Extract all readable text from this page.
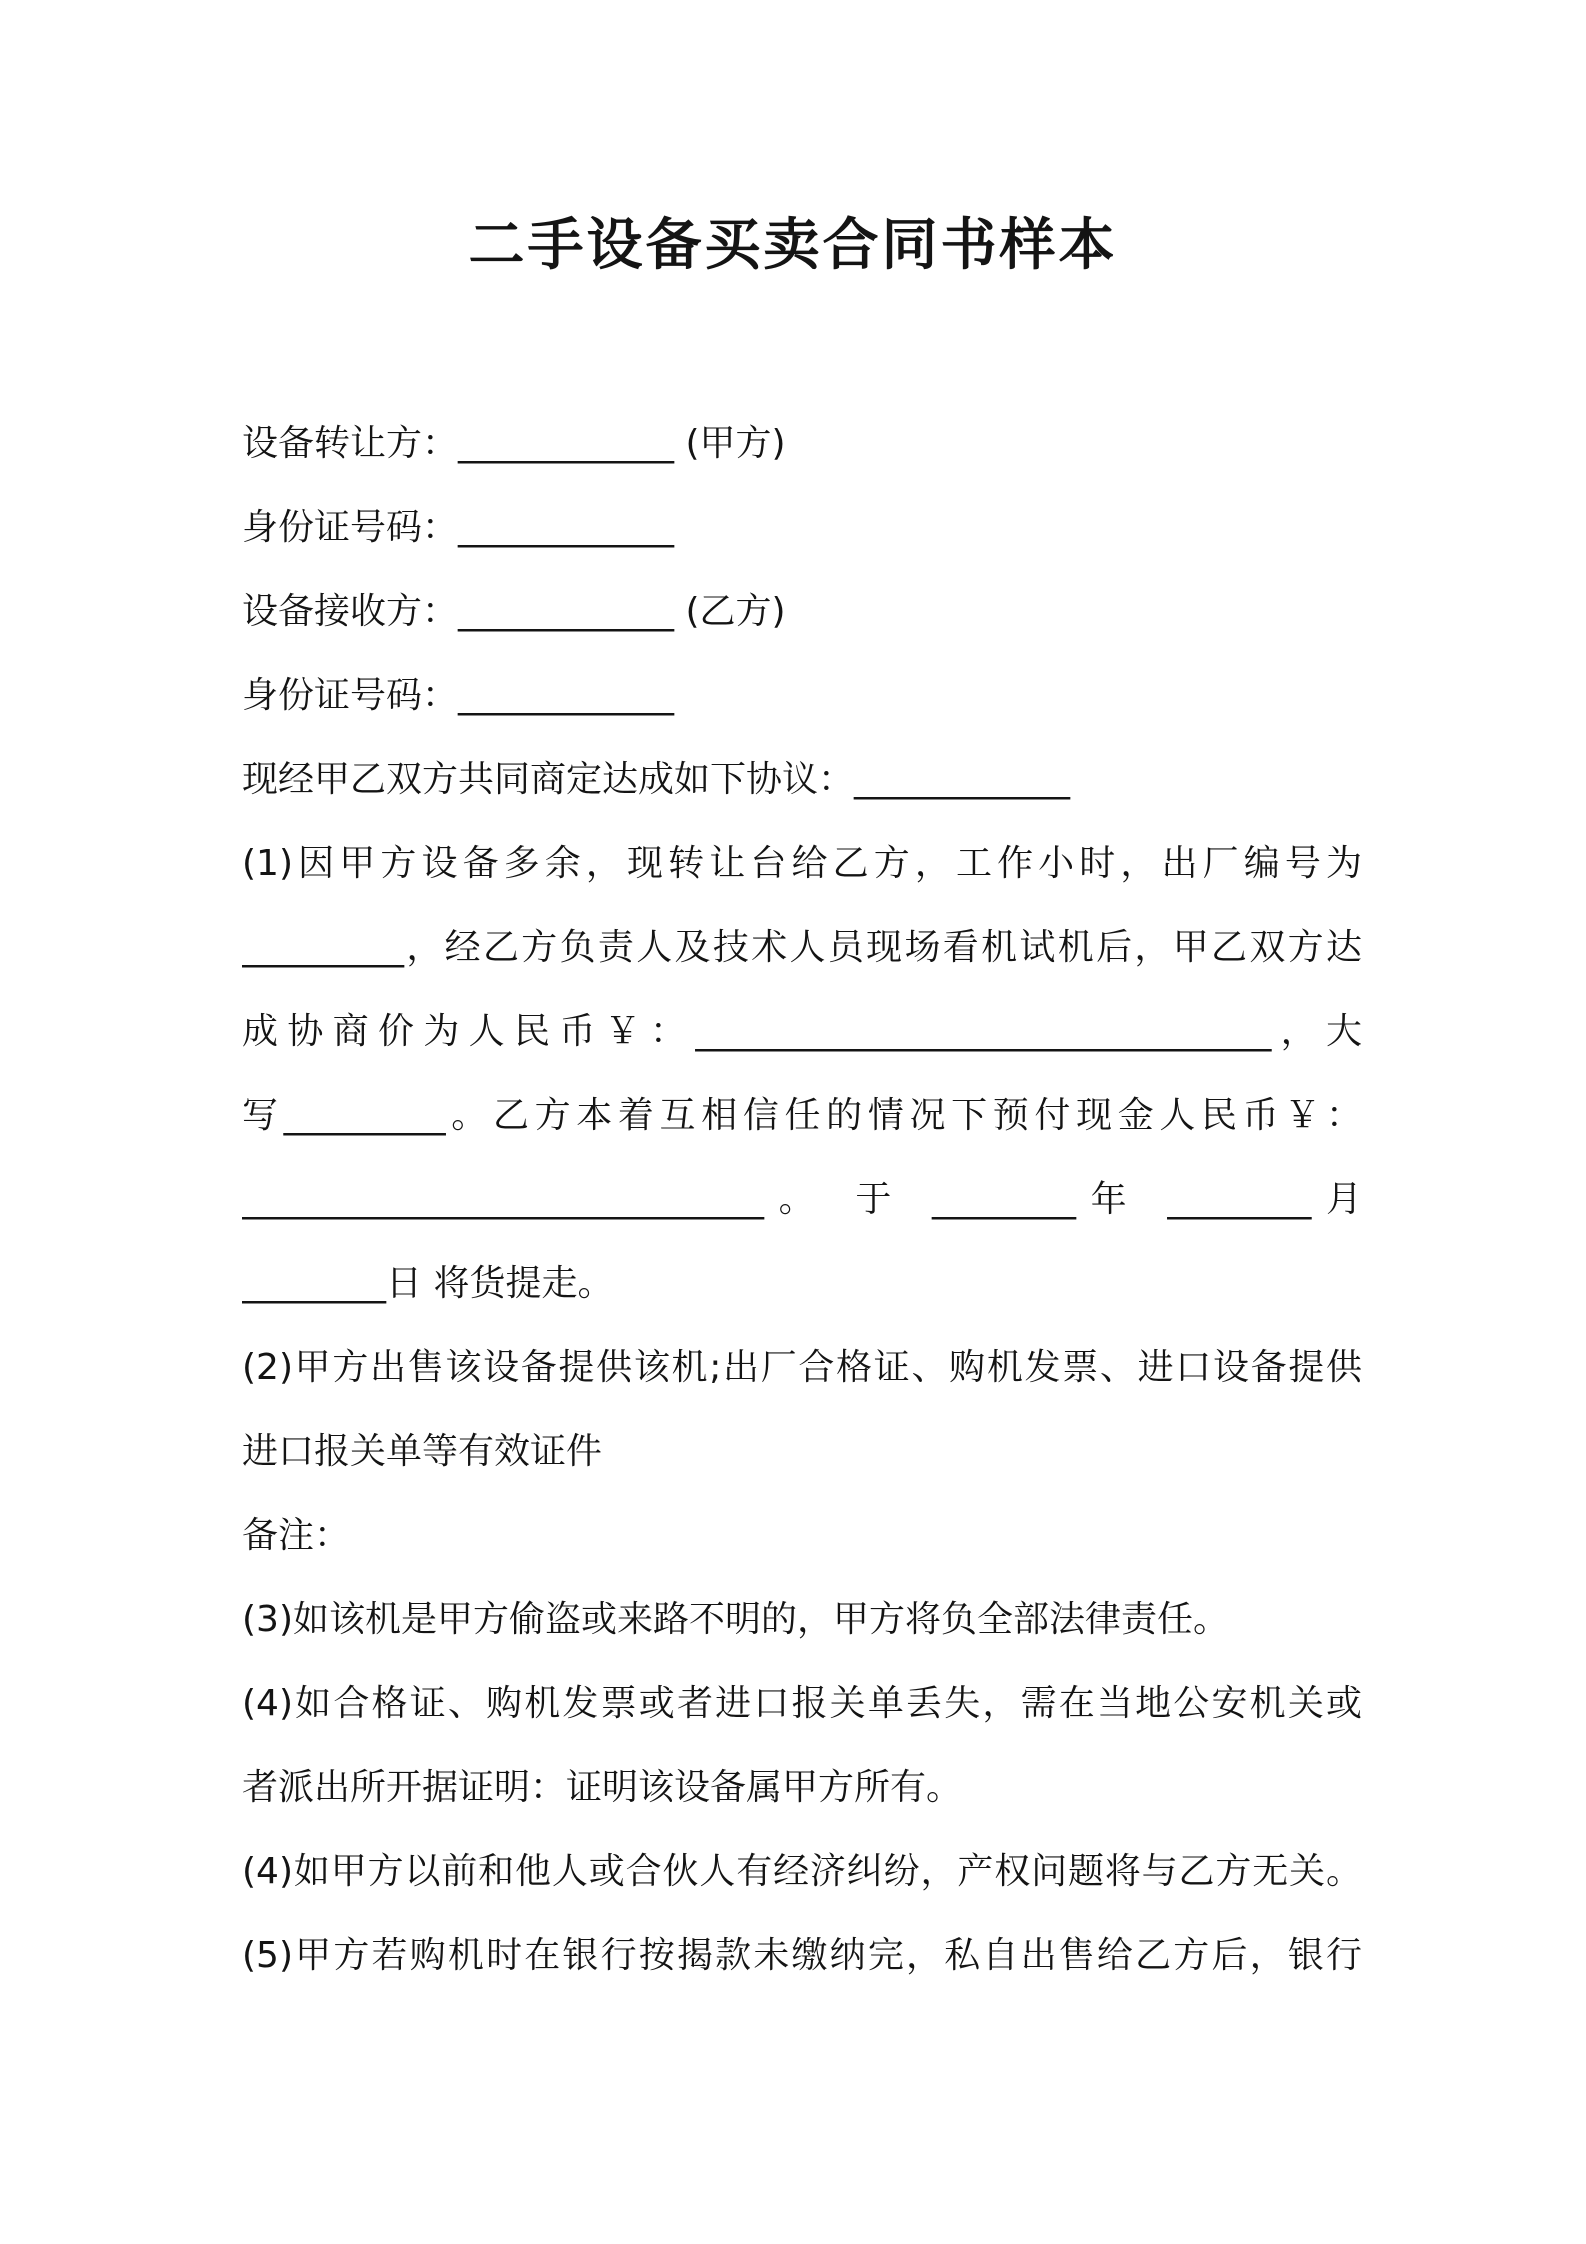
二手设备买卖合同书样本
设备转让方：____________ (甲方)
身份证号码：____________
设备接收方：____________ (乙方)
身份证号码：____________
现经甲乙双方共同商定达成如下协议：____________
(1)因甲方设备多余，现转让台给乙方，工作小时，出厂编号为
_________，经乙方负责人及技术人员现场看机试机后，甲乙双方达
成协商价为人民币￥：________________________________，大
写_________。乙方本着互相信任的情况下预付现金人民币￥：
_____________________________。 于 ________年 ________月
________日 将货提走。
(2)甲方出售该设备提供该机;出厂合格证、购机发票、进口设备提供
进口报关单等有效证件
备注：
(3)如该机是甲方偷盗或来路不明的，甲方将负全部法律责任。
(4)如合格证、购机发票或者进口报关单丢失，需在当地公安机关或
者派出所开据证明：证明该设备属甲方所有。
(4)如甲方以前和他人或合伙人有经济纠纷，产权问题将与乙方无关。
(5)甲方若购机时在银行按揭款未缴纳完，私自出售给乙方后，银行
